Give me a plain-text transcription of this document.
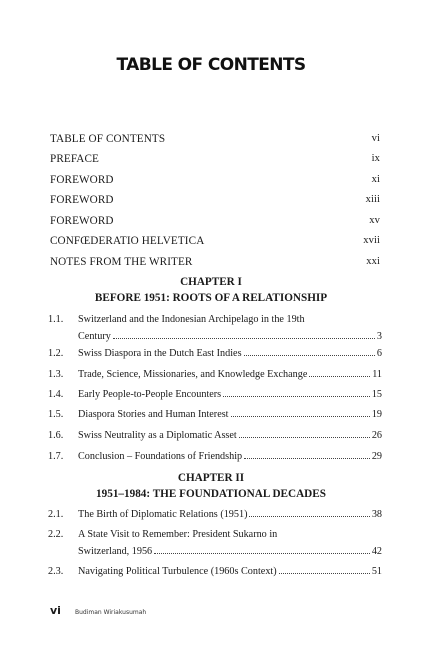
TABLE OF CONTENTS
TABLE OF CONTENTS	vi
PREFACE	ix
FOREWORD	xi
FOREWORD	xiii
FOREWORD	xv
CONFŒDERATIO HELVETICA	xvii
NOTES FROM THE WRITER	xxi
CHAPTER I
BEFORE 1951: ROOTS OF A RELATIONSHIP
1.1. Switzerland and the Indonesian Archipelago in the 19th
Century	3
1.2. Swiss Diaspora in the Dutch East Indies	6
1.3. Trade, Science, Missionaries, and Knowledge Exchange	11
1.4. Early People-to-People Encounters	15
1.5. Diaspora Stories and Human Interest	19
1.6. Swiss Neutrality as a Diplomatic Asset	26
1.7. Conclusion – Foundations of Friendship	29
CHAPTER II
1951–1984: THE FOUNDATIONAL DECADES
2.1. The Birth of Diplomatic Relations (1951)	38
2.2. A State Visit to Remember: President Sukarno in
Switzerland, 1956	42
2.3. Navigating Political Turbulence (1960s Context)	51
vi Budiman Wiriakusumah
